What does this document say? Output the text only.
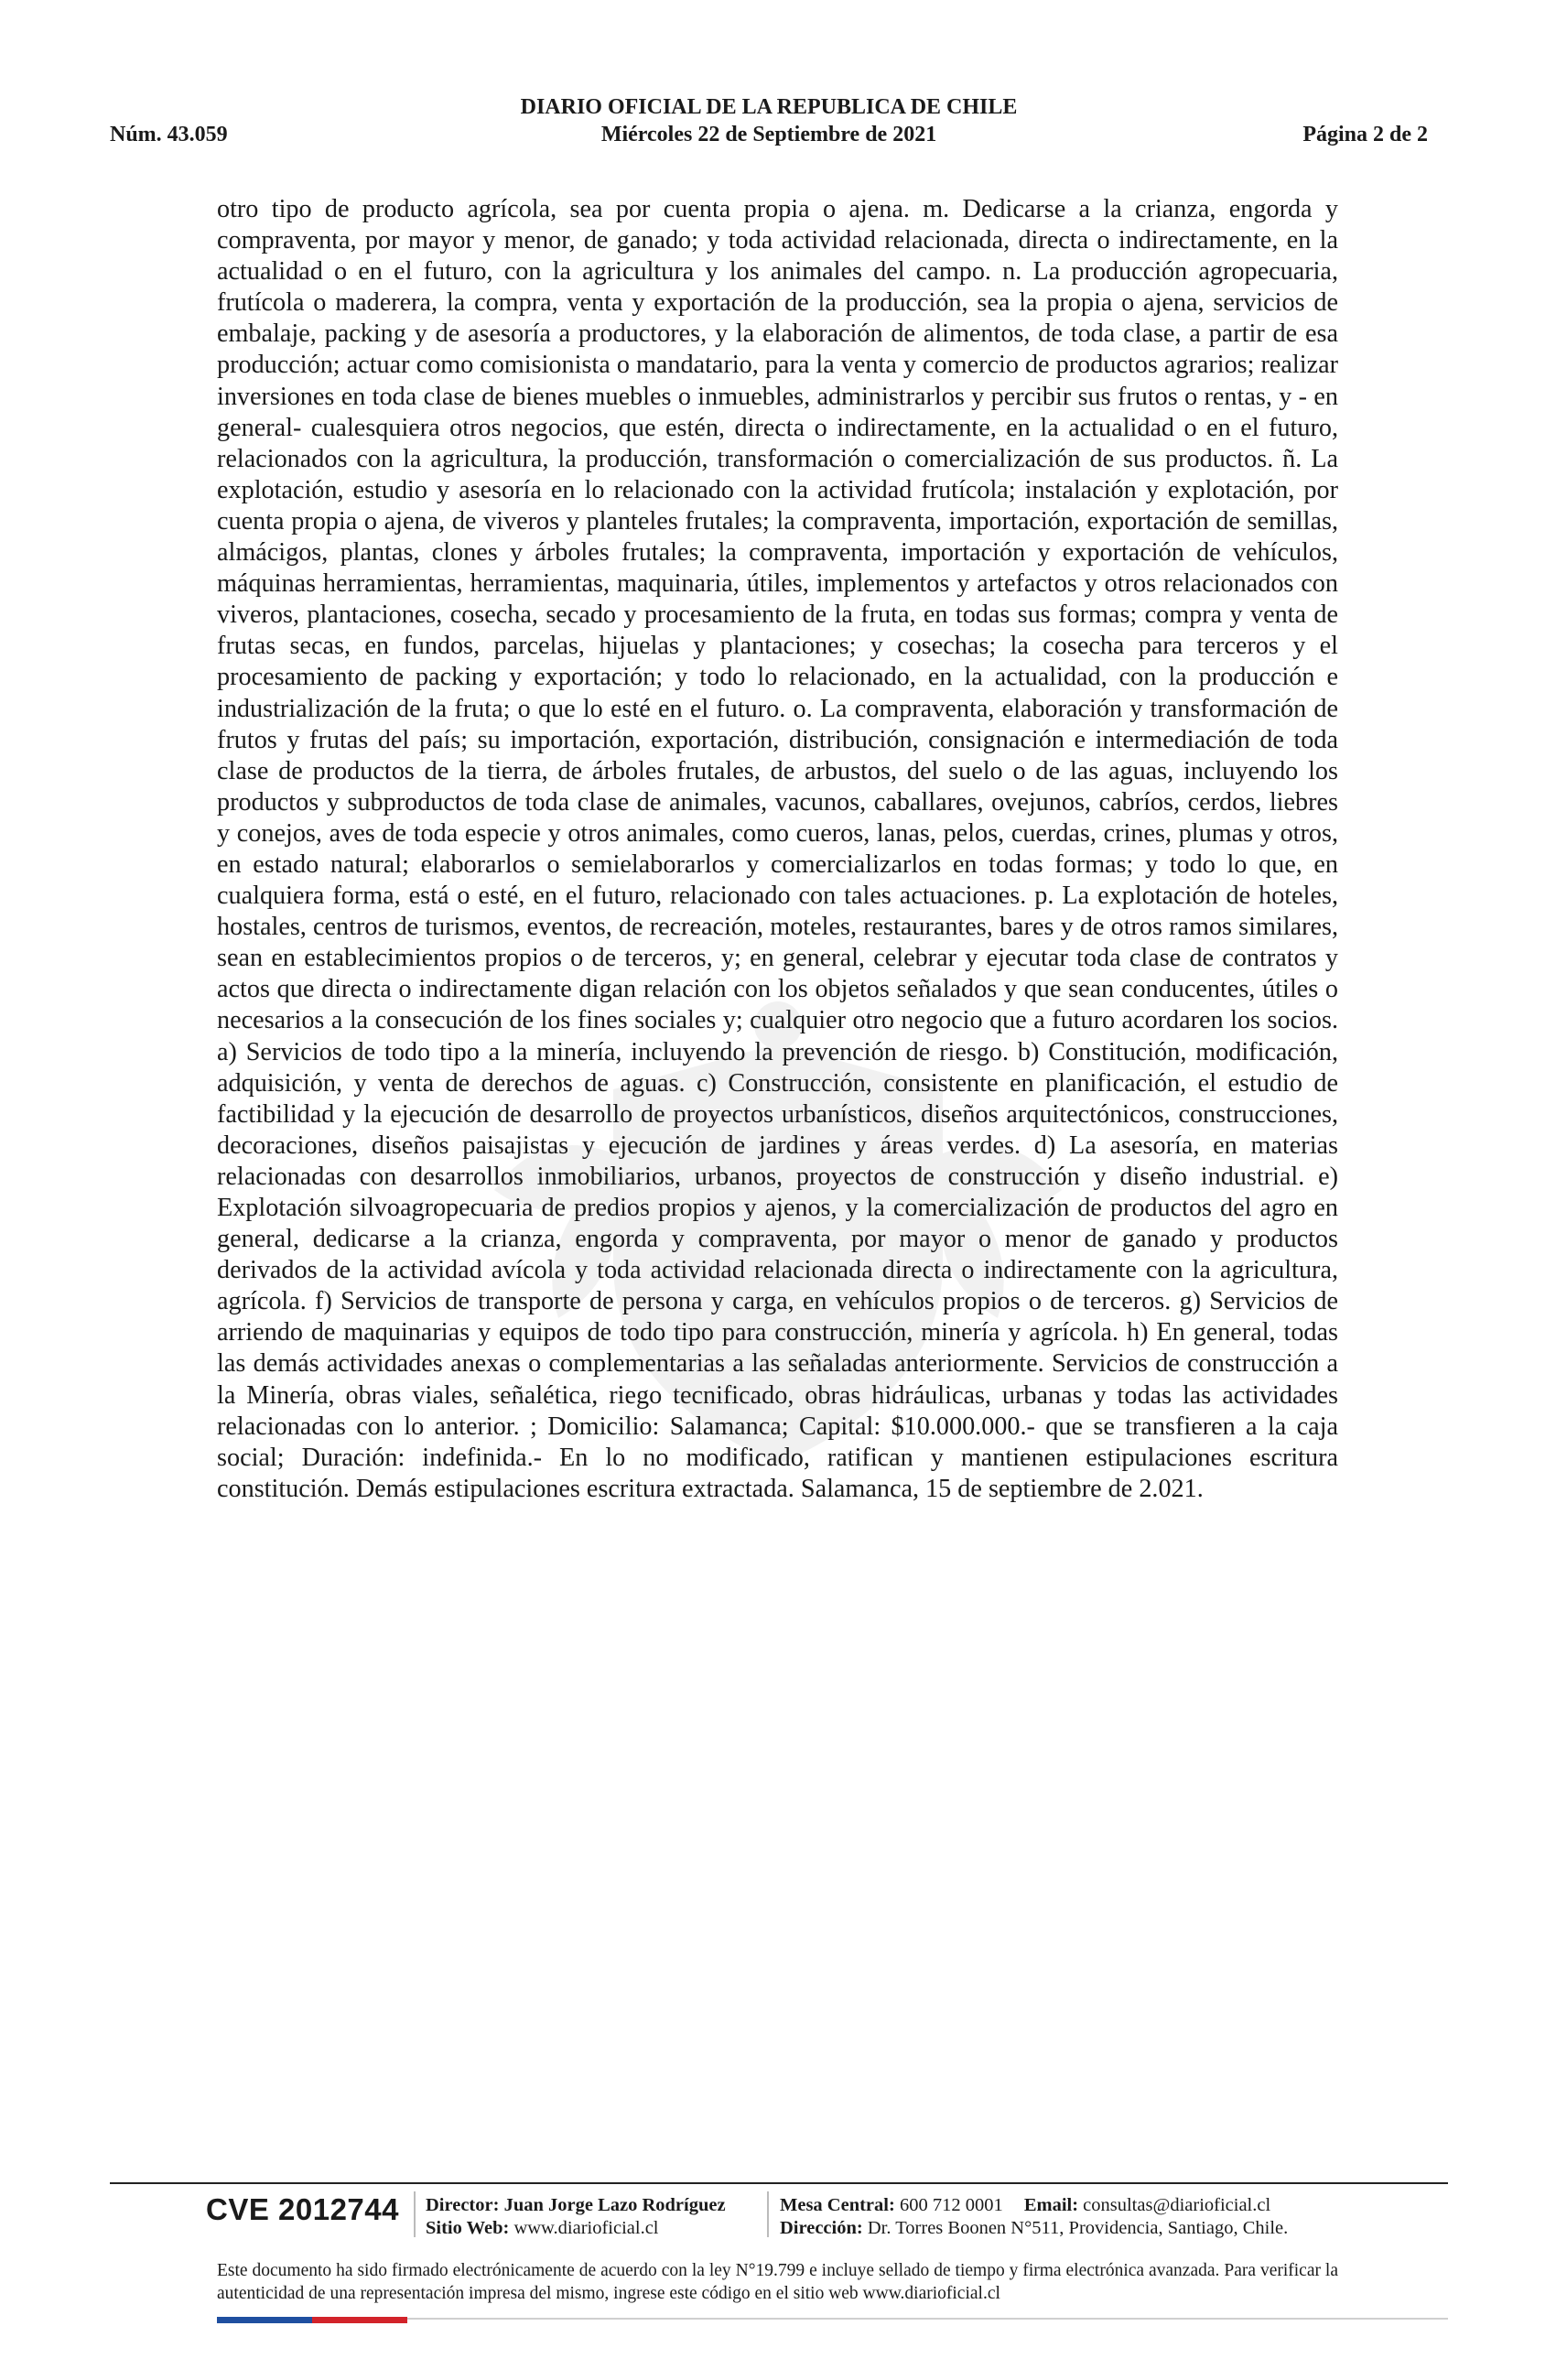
DIARIO OFICIAL DE LA REPUBLICA DE CHILE
Núm. 43.059	Miércoles 22 de Septiembre de 2021	Página 2 de 2

otro tipo de producto agrícola, sea por cuenta propia o ajena. m. Dedicarse a la crianza, engorda y compraventa, por mayor y menor, de ganado; y toda actividad relacionada, directa o indirectamente, en la actualidad o en el futuro, con la agricultura y los animales del campo. n. La producción agropecuaria, frutícola o maderera, la compra, venta y exportación de la producción, sea la propia o ajena, servicios de embalaje, packing y de asesoría a productores, y la elaboración de alimentos, de toda clase, a partir de esa producción; actuar como comisionista o mandatario, para la venta y comercio de productos agrarios; realizar inversiones en toda clase de bienes muebles o inmuebles, administrarlos y percibir sus frutos o rentas, y - en general- cualesquiera otros negocios, que estén, directa o indirectamente, en la actualidad o en el futuro, relacionados con la agricultura, la producción, transformación o comercialización de sus productos. ñ. La explotación, estudio y asesoría en lo relacionado con la actividad frutícola; instalación y explotación, por cuenta propia o ajena, de viveros y planteles frutales; la compraventa, importación, exportación de semillas, almácigos, plantas, clones y árboles frutales; la compraventa, importación y exportación de vehículos, máquinas herramientas, herramientas, maquinaria, útiles, implementos y artefactos y otros relacionados con viveros, plantaciones, cosecha, secado y procesamiento de la fruta, en todas sus formas; compra y venta de frutas secas, en fundos, parcelas, hijuelas y plantaciones; y cosechas; la cosecha para terceros y el procesamiento de packing y exportación; y todo lo relacionado, en la actualidad, con la producción e industrialización de la fruta; o que lo esté en el futuro. o. La compraventa, elaboración y transformación de frutos y frutas del país; su importación, exportación, distribución, consignación e intermediación de toda clase de productos de la tierra, de árboles frutales, de arbustos, del suelo o de las aguas, incluyendo los productos y subproductos de toda clase de animales, vacunos, caballares, ovejunos, cabríos, cerdos, liebres y conejos, aves de toda especie y otros animales, como cueros, lanas, pelos, cuerdas, crines, plumas y otros, en estado natural; elaborarlos o semielaborarlos y comercializarlos en todas formas; y todo lo que, en cualquiera forma, está o esté, en el futuro, relacionado con tales actuaciones. p. La explotación de hoteles, hostales, centros de turismos, eventos, de recreación, moteles, restaurantes, bares y de otros ramos similares, sean en establecimientos propios o de terceros, y; en general, celebrar y ejecutar toda clase de contratos y actos que directa o indirectamente digan relación con los objetos señalados y que sean conducentes, útiles o necesarios a la consecución de los fines sociales y; cualquier otro negocio que a futuro acordaren los socios. a) Servicios de todo tipo a la minería, incluyendo la prevención de riesgo. b) Constitución, modificación, adquisición, y venta de derechos de aguas. c) Construcción, consistente en planificación, el estudio de factibilidad y la ejecución de desarrollo de proyectos urbanísticos, diseños arquitectónicos, construcciones, decoraciones, diseños paisajistas y ejecución de jardines y áreas verdes. d) La asesoría, en materias relacionadas con desarrollos inmobiliarios, urbanos, proyectos de construcción y diseño industrial. e) Explotación silvoagropecuaria de predios propios y ajenos, y la comercialización de productos del agro en general, dedicarse a la crianza, engorda y compraventa, por mayor o menor de ganado y productos derivados de la actividad avícola y toda actividad relacionada directa o indirectamente con la agricultura, agrícola. f) Servicios de transporte de persona y carga, en vehículos propios o de terceros. g) Servicios de arriendo de maquinarias y equipos de todo tipo para construcción, minería y agrícola. h) En general, todas las demás actividades anexas o complementarias a las señaladas anteriormente. Servicios de construcción a la Minería, obras viales, señalética, riego tecnificado, obras hidráulicas, urbanas y todas las actividades relacionadas con lo anterior. ; Domicilio: Salamanca; Capital: $10.000.000.- que se transfieren a la caja social; Duración: indefinida.- En lo no modificado, ratifican y mantienen estipulaciones escritura constitución. Demás estipulaciones escritura extractada. Salamanca, 15 de septiembre de 2.021.

CVE 2012744 Director: Juan Jorge Lazo Rodríguez
Sitio Web: www.diarioficial.cl
Mesa Central: 600 712 0001 Email: consultas@diarioficial.cl
Dirección: Dr. Torres Boonen N°511, Providencia, Santiago, Chile.

Este documento ha sido firmado electrónicamente de acuerdo con la ley N°19.799 e incluye sellado de tiempo y firma electrónica avanzada. Para verificar la autenticidad de una representación impresa del mismo, ingrese este código en el sitio web www.diarioficial.cl
